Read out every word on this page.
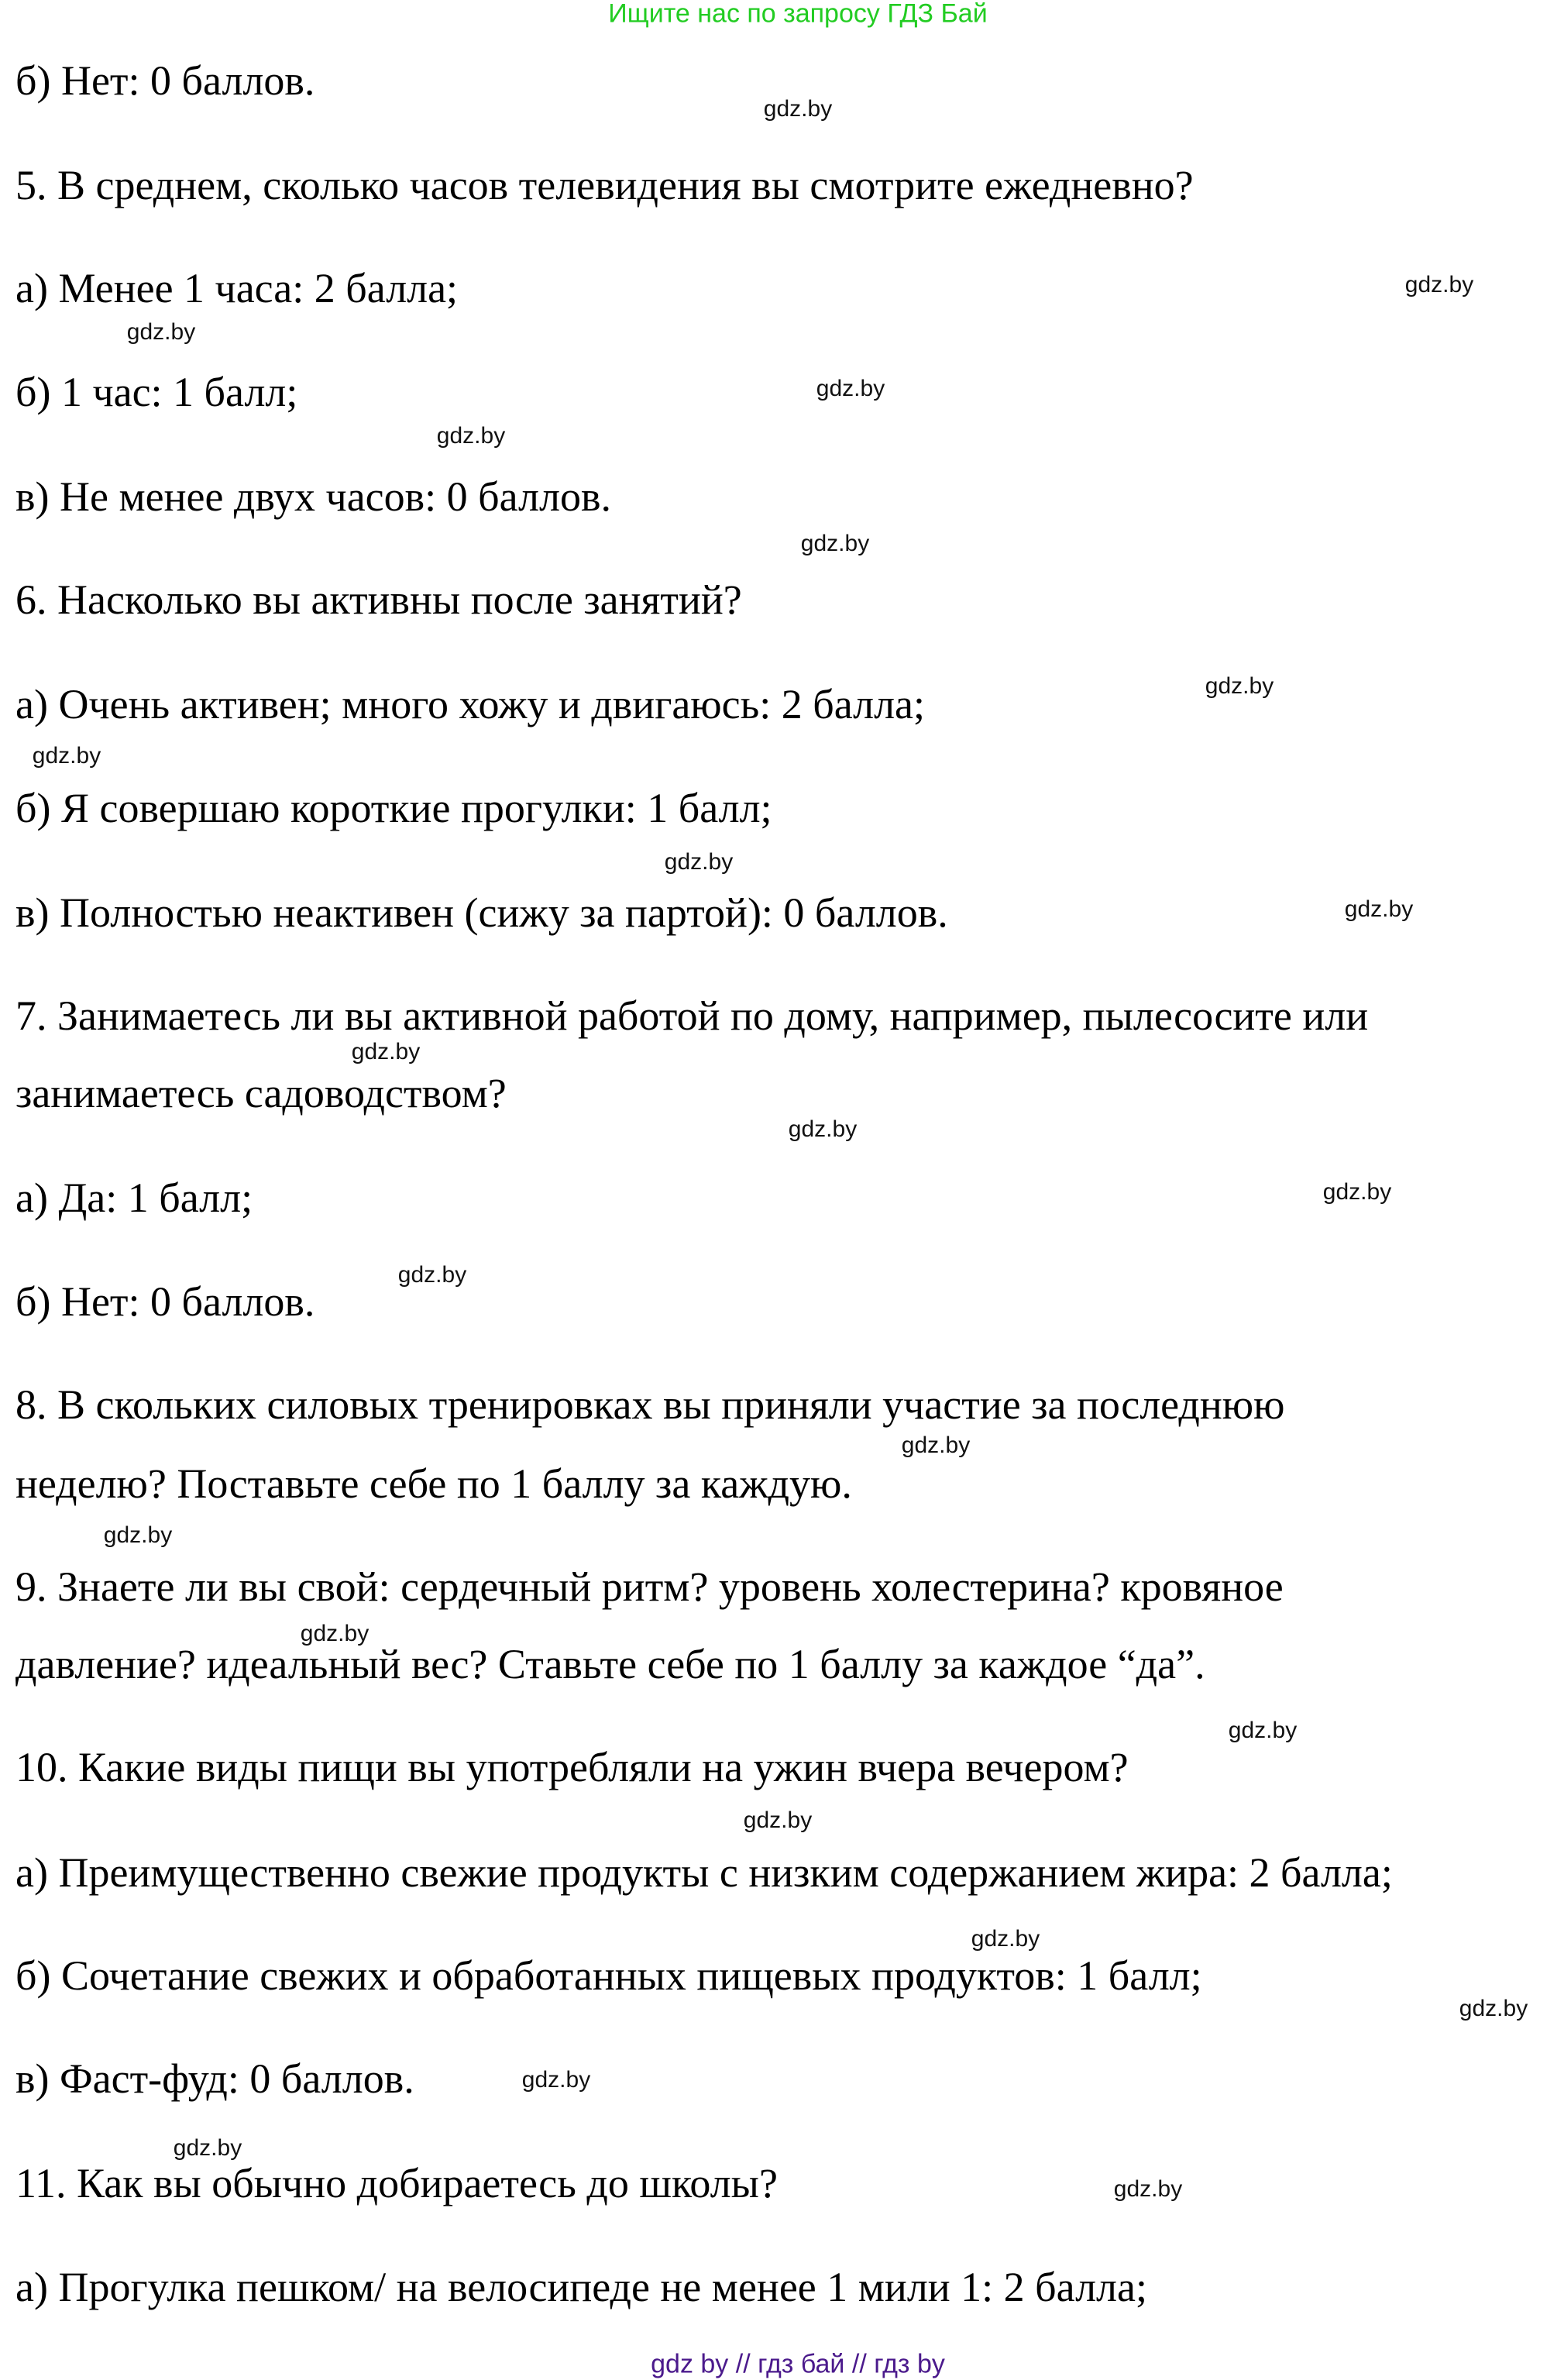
Ищите нас по запросу ГДЗ Бай
б) Нет: 0 баллов.
5. В среднем, сколько часов телевидения вы смотрите ежедневно?
а) Менее 1 часа: 2 балла;
б) 1 час: 1 балл;
в) Не менее двух часов: 0 баллов.
6. Насколько вы активны после занятий?
а) Очень активен; много хожу и двигаюсь: 2 балла;
б) Я совершаю короткие прогулки: 1 балл;
в) Полностью неактивен (сижу за партой): 0 баллов.
7. Занимаетесь ли вы активной работой по дому, например, пылесосите или
занимаетесь садоводством?
а) Да: 1 балл;
б) Нет: 0 баллов.
8. В скольких силовых тренировках вы приняли участие за последнюю
неделю? Поставьте себе по 1 баллу за каждую.
9. Знаете ли вы свой: сердечный ритм? уровень холестерина? кровяное
давление? идеальный вес? Ставьте себе по 1 баллу за каждое “да”.
10. Какие виды пищи вы употребляли на ужин вчера вечером?
а) Преимущественно свежие продукты с низким содержанием жира: 2 балла;
б) Сочетание свежих и обработанных пищевых продуктов: 1 балл;
в) Фаст-фуд: 0 баллов.
11. Как вы обычно добираетесь до школы?
а) Прогулка пешком/ на велосипеде не менее 1 мили 1: 2 балла;
gdz.by
gdz.by
gdz.by
gdz.by
gdz.by
gdz.by
gdz.by
gdz.by
gdz.by
gdz.by
gdz.by
gdz.by
gdz.by
gdz.by
gdz.by
gdz.by
gdz.by
gdz.by
gdz.by
gdz.by
gdz.by
gdz.by
gdz.by
gdz.by
gdz by // гдз бай // гдз by
